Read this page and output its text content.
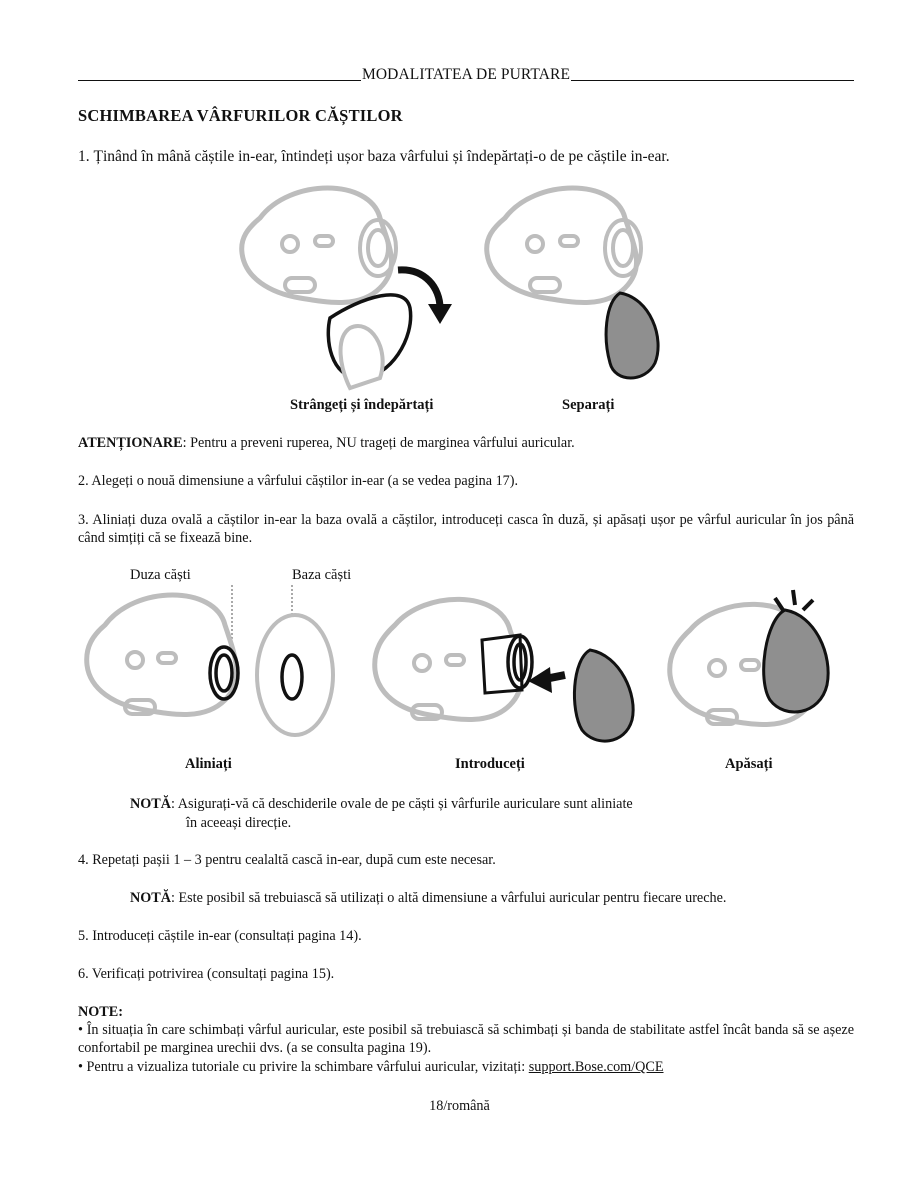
MODALITATEA DE PURTARE
SCHIMBAREA VÂRFURILOR CĂȘTILOR
1. Ținând în mână căștile in-ear, întindeți ușor baza vârfului și îndepărtați-o de pe căștile in-ear.
Strângeți și îndepărtați	Separați
ATENȚIONARE: Pentru a preveni ruperea, NU trageți de marginea vârfului auricular.
2. Alegeți o nouă dimensiune a vârfului căștilor in-ear (a se vedea pagina 17).
3. Aliniați duza ovală a căștilor in-ear la baza ovală a căștilor, introduceți casca în duză, și apăsați ușor pe vârful auricular în jos până când simțiți că se fixează bine.
Duza căști	Baza căști
Aliniați	Introduceți	Apăsați
NOTĂ: Asigurați-vă că deschiderile ovale de pe căști și vârfurile auriculare sunt aliniate
în aceeași direcție.
4. Repetați pașii 1 – 3 pentru cealaltă cască in-ear, după cum este necesar.
NOTĂ: Este posibil să trebuiască să utilizați o altă dimensiune a vârfului auricular pentru fiecare ureche.
5. Introduceți căștile in-ear (consultați pagina 14).
6. Verificați potrivirea (consultați pagina 15).
NOTE:
• În situația în care schimbați vârful auricular, este posibil să trebuiască să schimbați și banda de stabilitate astfel încât banda să se așeze confortabil pe marginea urechii dvs. (a se consulta pagina 19).
• Pentru a vizualiza tutoriale cu privire la schimbare vârfului auricular, vizitați: support.Bose.com/QCE
18/română
